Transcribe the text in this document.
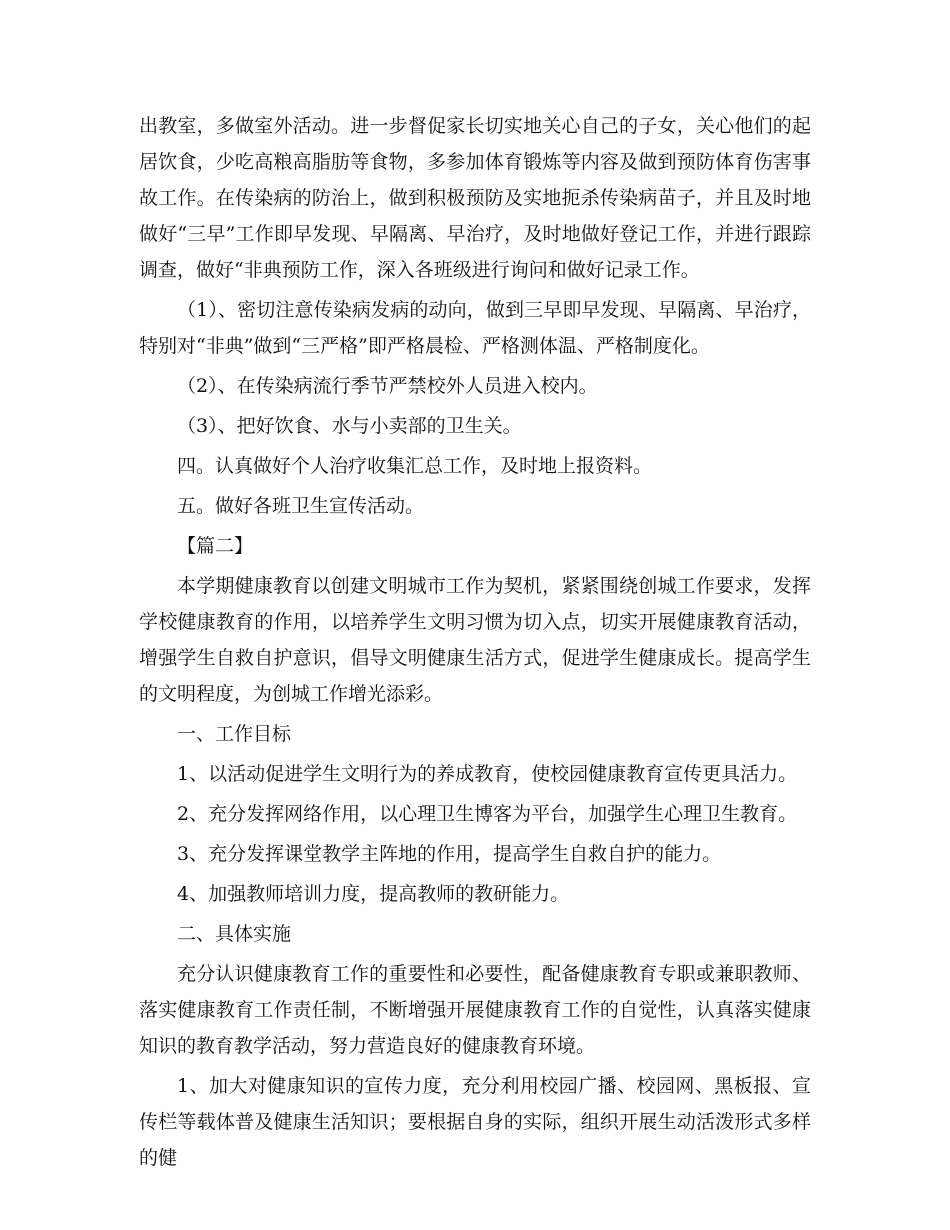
出教室，多做室外活动。进一步督促家长切实地关心自己的子女，关心他们的起居饮食，少吃高粮高脂肪等食物，多参加体育锻炼等内容及做到预防体育伤害事故工作。在传染病的防治上，做到积极预防及实地扼杀传染病苗子，并且及时地做好“三早”工作即早发现、早隔离、早治疗，及时地做好登记工作，并进行跟踪调查，做好“非典预防工作，深入各班级进行询问和做好记录工作。

（1）、密切注意传染病发病的动向，做到三早即早发现、早隔离、早治疗，特别对“非典”做到“三严格”即严格晨检、严格测体温、严格制度化。

（2）、在传染病流行季节严禁校外人员进入校内。

（3）、把好饮食、水与小卖部的卫生关。

四。认真做好个人治疗收集汇总工作，及时地上报资料。

五。做好各班卫生宣传活动。

【篇二】

本学期健康教育以创建文明城市工作为契机，紧紧围绕创城工作要求，发挥学校健康教育的作用，以培养学生文明习惯为切入点，切实开展健康教育活动，增强学生自救自护意识，倡导文明健康生活方式，促进学生健康成长。提高学生的文明程度，为创城工作增光添彩。

一、工作目标

1、以活动促进学生文明行为的养成教育，使校园健康教育宣传更具活力。

2、充分发挥网络作用，以心理卫生博客为平台，加强学生心理卫生教育。

3、充分发挥课堂教学主阵地的作用，提高学生自救自护的能力。

4、加强教师培训力度，提高教师的教研能力。

二、具体实施

充分认识健康教育工作的重要性和必要性，配备健康教育专职或兼职教师、落实健康教育工作责任制，不断增强开展健康教育工作的自觉性，认真落实健康知识的教育教学活动，努力营造良好的健康教育环境。

1、加大对健康知识的宣传力度，充分利用校园广播、校园网、黑板报、宣传栏等载体普及健康生活知识；要根据自身的实际，组织开展生动活泼形式多样的健
